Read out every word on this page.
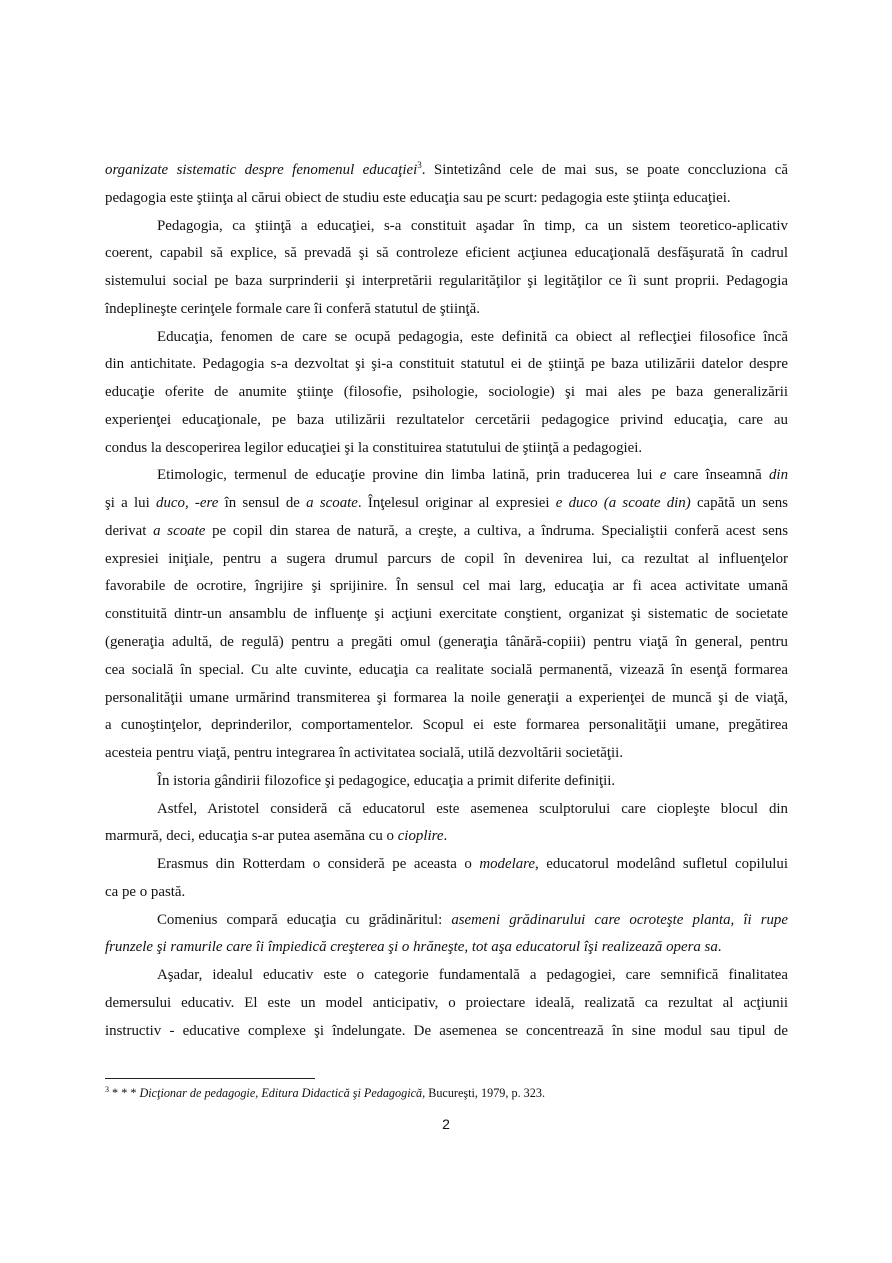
organizate sistematic despre fenomenul educaţiei$^3$. Sintetizând cele de mai sus, se poate conccluziona că
pedagogia este ştiinţa al cărui obiect de studiu este educaţia sau pe scurt: pedagogia este ştiinţa educaţiei.
Pedagogia, ca ştiinţă a educaţiei, s-a constituit aşadar în timp, ca un sistem teoretico-aplicativ
coerent, capabil să explice, să prevadă şi să controleze eficient acţiunea educaţională desfăşurată în cadrul
sistemului social pe baza surprinderii şi interpretării regularităţilor şi legităţilor ce îi sunt proprii. Pedagogia
îndeplineşte cerinţele formale care îi conferă statutul de ştiinţă.
Educaţia, fenomen de care se ocupă pedagogia, este definită ca obiect al reflecţiei filosofice încă
din antichitate. Pedagogia s-a dezvoltat şi şi-a constituit statutul ei de ştiinţă pe baza utilizării datelor despre
educaţie oferite de anumite ştiinţe (filosofie, psihologie, sociologie) şi mai ales pe baza generalizării
experienţei educaţionale, pe baza utilizării rezultatelor cercetării pedagogice privind educaţia, care au
condus la descoperirea legilor educaţiei şi la constituirea statutului de ştiinţă a pedagogiei.
Etimologic, termenul de educaţie provine din limba latină, prin traducerea lui e care înseamnă din
şi a lui duco, -ere în sensul de a scoate. Înţelesul originar al expresiei e duco (a scoate din) capătă un sens
derivat a scoate pe copil din starea de natură, a creşte, a cultiva, a îndruma. Specialiştii conferă acest sens
expresiei iniţiale, pentru a sugera drumul parcurs de copil în devenirea lui, ca rezultat al influenţelor
favorabile de ocrotire, îngrijire şi sprijinire. În sensul cel mai larg, educaţia ar fi acea activitate umană
constituită dintr-un ansamblu de influenţe şi acţiuni exercitate conştient, organizat şi sistematic de societate
(generaţia adultă, de regulă) pentru a pregăti omul (generaţia tânără-copiii) pentru viaţă în general, pentru
cea socială în special. Cu alte cuvinte, educaţia ca realitate socială permanentă, vizează în esenţă formarea
personalităţii umane urmărind transmiterea şi formarea la noile generaţii a experienţei de muncă şi de viaţă,
a cunoştinţelor, deprinderilor, comportamentelor. Scopul ei este formarea personalităţii umane, pregătirea
acesteia pentru viaţă, pentru integrarea în activitatea socială, utilă dezvoltării societăţii.
În istoria gândirii filozofice şi pedagogice, educaţia a primit diferite definiţii.
Astfel, Aristotel consideră că educatorul este asemenea sculptorului care ciopleşte blocul din
marmură, deci, educaţia s-ar putea asemăna cu o cioplire.
Erasmus din Rotterdam o consideră pe aceasta o modelare, educatorul modelând sufletul copilului
ca pe o pastă.
Comenius compară educaţia cu grădinăritul: asemeni grădinarului care ocroteşte planta, îi rupe
frunzele şi ramurile care îi împiedică creşterea şi o hrăneşte, tot aşa educatorul îşi realizează opera sa.
Aşadar, idealul educativ este o categorie fundamentală a pedagogiei, care semnifică finalitatea
demersului educativ. El este un model anticipativ, o proiectare ideală, realizată ca rezultat al acţiunii
instructiv - educative complexe şi îndelungate. De asemenea se concentrează în sine modul sau tipul de
$^3$ * * * Dicţionar de pedagogie, Editura Didactică şi Pedagogică, Bucureşti, 1979, p. 323.
2
